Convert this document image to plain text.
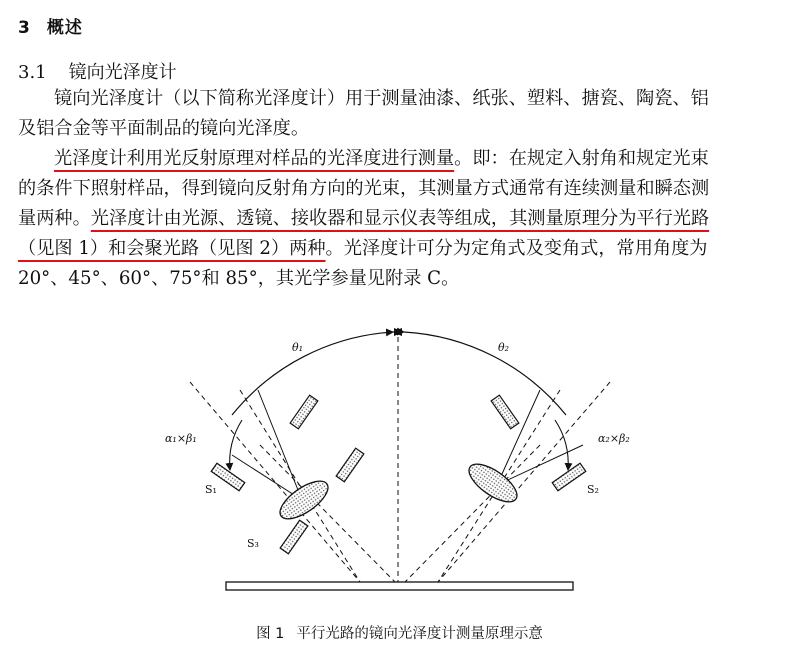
3 概述
3.1 镜向光泽度计
镜向光泽度计（以下简称光泽度计）用于测量油漆、纸张、塑料、搪瓷、陶瓷、铝
及铝合金等平面制品的镜向光泽度。
光泽度计利用光反射原理对样品的光泽度进行测量。即：在规定入射角和规定光束
的条件下照射样品，得到镜向反射角方向的光束，其测量方式通常有连续测量和瞬态测
量两种。光泽度计由光源、透镜、接收器和显示仪表等组成，其测量原理分为平行光路
（见图 1）和会聚光路（见图 2）两种。光泽度计可分为定角式及变角式，常用角度为
20°、45°、60°、75°和 85°，其光学参量见附录 C。
θ₁	θ₂
α₁×β₁	α₂×β₂
S₁	S₂
S₃
图 1 平行光路的镜向光泽度计测量原理示意
